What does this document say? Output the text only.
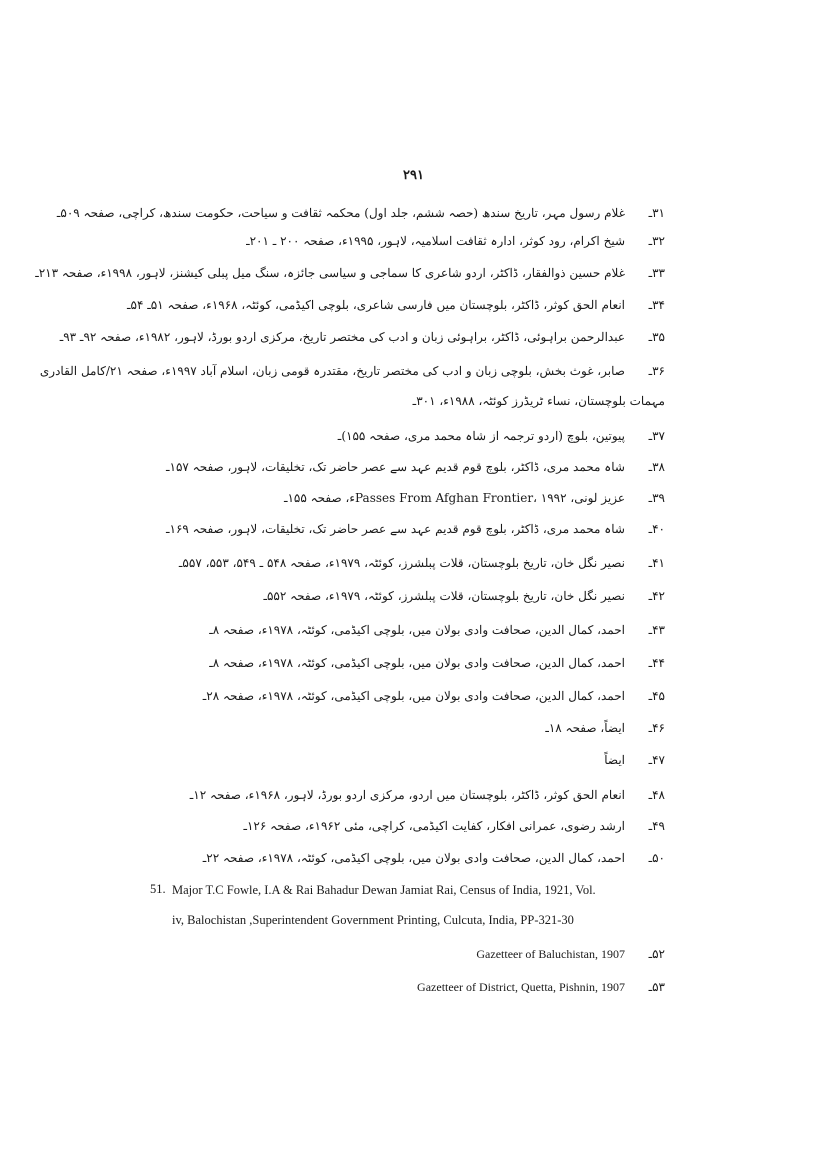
۲۹۱
۳۱ـغلام رسول مہر، تاریخ سندھ (حصہ ششم، جلد اول) محکمہ ثقافت و سیاحت، حکومت سندھ، کراچی، صفحہ ۵۰۹ـ
۳۲ـشیخ اکرام، رود کوثر، ادارہ ثقافت اسلامیہ، لاہور، ۱۹۹۵ء، صفحہ ۲۰۰ ـ ۲۰۱ـ
۳۳ـغلام حسین ذوالفقار، ڈاکٹر، اردو شاعری کا سماجی و سیاسی جائزہ، سنگ میل پبلی کیشنز، لاہور، ۱۹۹۸ء، صفحہ ۲۱۳ـ
۳۴ـانعام الحق کوثر، ڈاکٹر، بلوچستان میں فارسی شاعری، بلوچی اکیڈمی، کوئٹہ، ۱۹۶۸ء، صفحہ ۵۱ـ ۵۴ـ
۳۵ـعبدالرحمن براہوئی، ڈاکٹر، براہوئی زبان و ادب کی مختصر تاریخ، مرکزی اردو بورڈ، لاہور، ۱۹۸۲ء، صفحہ ۹۲ـ ۹۳ـ
۳۶ـصابر، غوث بخش، بلوچی زبان و ادب کی مختصر تاریخ، مقتدرہ قومی زبان، اسلام آباد ۱۹۹۷ء، صفحہ ۲۱/کامل القادری مہمات بلوچستان، نساء ٹریڈرز کوئٹہ، ۱۹۸۸ء، ۳۰۱ـ
۳۷ـپیوتین، بلوچ (اردو ترجمہ از شاہ محمد مری، صفحہ ۱۵۵)ـ
۳۸ـشاہ محمد مری، ڈاکٹر، بلوچ قوم قدیم عہد سے عصر حاضر تک، تخلیقات، لاہور، صفحہ ۱۵۷ـ
۳۹ـعزیز لونی، Passes From Afghan Frontier، ۱۹۹۲ء، صفحہ ۱۵۵ـ
۴۰ـشاہ محمد مری، ڈاکٹر، بلوچ قوم قدیم عہد سے عصر حاضر تک، تخلیقات، لاہور، صفحہ ۱۶۹ـ
۴۱ـنصیر نگل خان، تاریخ بلوچستان، قلات پبلشرز، کوئٹہ، ۱۹۷۹ء، صفحہ ۵۴۸ ـ ۵۴۹، ۵۵۳، ۵۵۷ـ
۴۲ـنصیر نگل خان، تاریخ بلوچستان، قلات پبلشرز، کوئٹہ، ۱۹۷۹ء، صفحہ ۵۵۲ـ
۴۳ـاحمد، کمال الدین، صحافت وادی بولان میں، بلوچی اکیڈمی، کوئٹہ، ۱۹۷۸ء، صفحہ ۸ـ
۴۴ـاحمد، کمال الدین، صحافت وادی بولان میں، بلوچی اکیڈمی، کوئٹہ، ۱۹۷۸ء، صفحہ ۸ـ
۴۵ـاحمد، کمال الدین، صحافت وادی بولان میں، بلوچی اکیڈمی، کوئٹہ، ۱۹۷۸ء، صفحہ ۲۸ـ
۴۶ـایضاً، صفحہ ۱۸ـ
۴۷ـایضاً
۴۸ـانعام الحق کوثر، ڈاکٹر، بلوچستان میں اردو، مرکزی اردو بورڈ، لاہور، ۱۹۶۸ء، صفحہ ۱۲ـ
۴۹ـارشد رضوی، عمرانی افکار، کفایت اکیڈمی، کراچی، مئی ۱۹۶۲ء، صفحہ ۱۲۶ـ
۵۰ـاحمد، کمال الدین، صحافت وادی بولان میں، بلوچی اکیڈمی، کوئٹہ، ۱۹۷۸ء، صفحہ ۲۲ـ
51. Major T.C Fowle, I.A & Rai Bahadur Dewan Jamiat Rai, Census of India, 1921, Vol.
iv, Balochistan ,Superintendent Government Printing, Culcuta, India, PP-321-30
۵۲ـGazetteer of Baluchistan, 1907
۵۳ـGazetteer of District, Quetta, Pishnin, 1907
